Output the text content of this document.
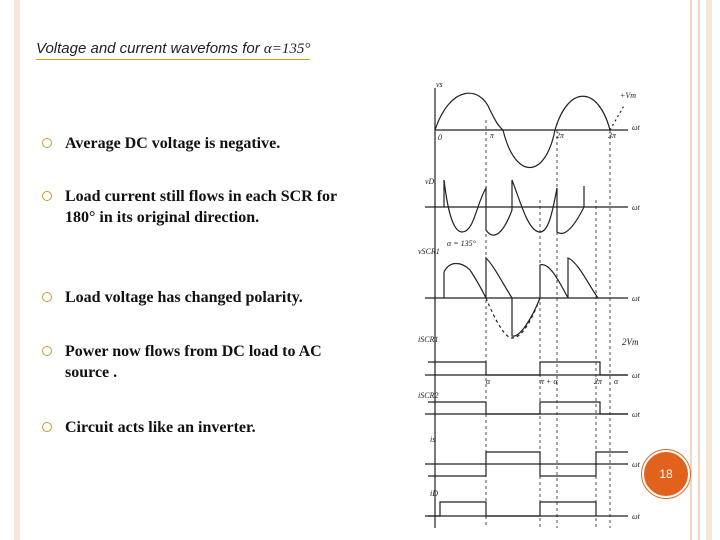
Voltage and current wavefoms for α=135°
Average DC voltage is negative.
Load current still flows in each SCR for 180° in its original direction.
Load voltage has changed polarity.
Power now flows from DC load to AC source .
Circuit acts like an inverter.
vs
vD
vSCR1
iSCR1
iSCR2
is
iD
+Vm
2Vm
α = 135°
0	π	2π	3π
α	π + α	2π α
ωt
ωt
ωt
ωt
ωt
ωt
ωt
18
